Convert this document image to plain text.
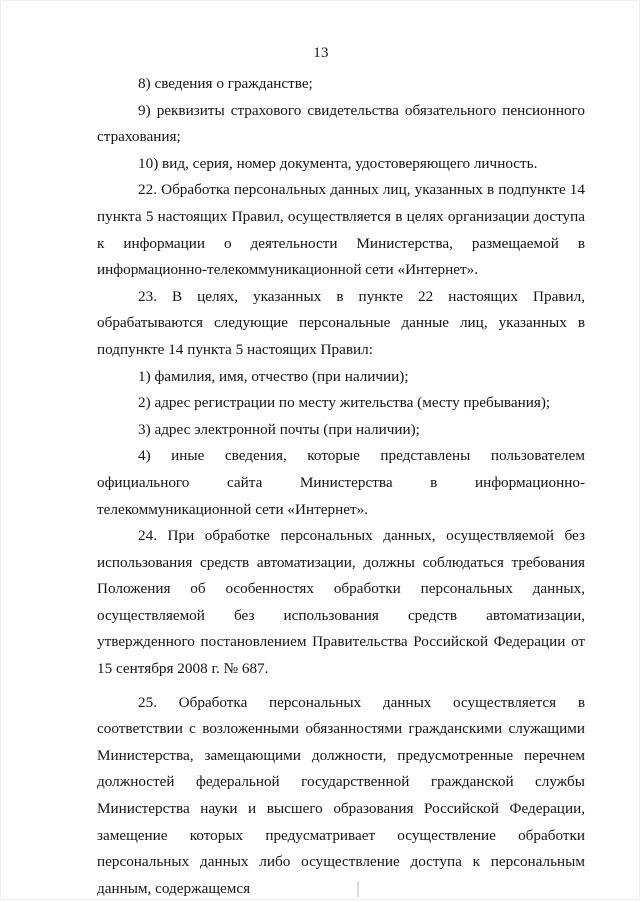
13

8) сведения о гражданстве;

9) реквизиты страхового свидетельства обязательного пенсионного страхования;

10) вид, серия, номер документа, удостоверяющего личность.

22. Обработка персональных данных лиц, указанных в подпункте 14 пункта 5 настоящих Правил, осуществляется в целях организации доступа к информации о деятельности Министерства, размещаемой в информационно-телекоммуникационной сети «Интернет».

23. В целях, указанных в пункте 22 настоящих Правил, обрабатываются следующие персональные данные лиц, указанных в подпункте 14 пункта 5 настоящих Правил:

1) фамилия, имя, отчество (при наличии);

2) адрес регистрации по месту жительства (месту пребывания);

3) адрес электронной почты (при наличии);

4) иные сведения, которые представлены пользователем официального сайта Министерства в информационно-телекоммуникационной сети «Интернет».

24. При обработке персональных данных, осуществляемой без использования средств автоматизации, должны соблюдаться требования Положения об особенностях обработки персональных данных, осуществляемой без использования средств автоматизации, утвержденного постановлением Правительства Российской Федерации от 15 сентября 2008 г. № 687.

25. Обработка персональных данных осуществляется в соответствии с возложенными обязанностями гражданскими служащими Министерства, замещающими должности, предусмотренные перечнем должностей федеральной государственной гражданской службы Министерства науки и высшего образования Российской Федерации, замещение которых предусматривает осуществление обработки персональных данных либо осуществление доступа к персональным данным, содержащемся
